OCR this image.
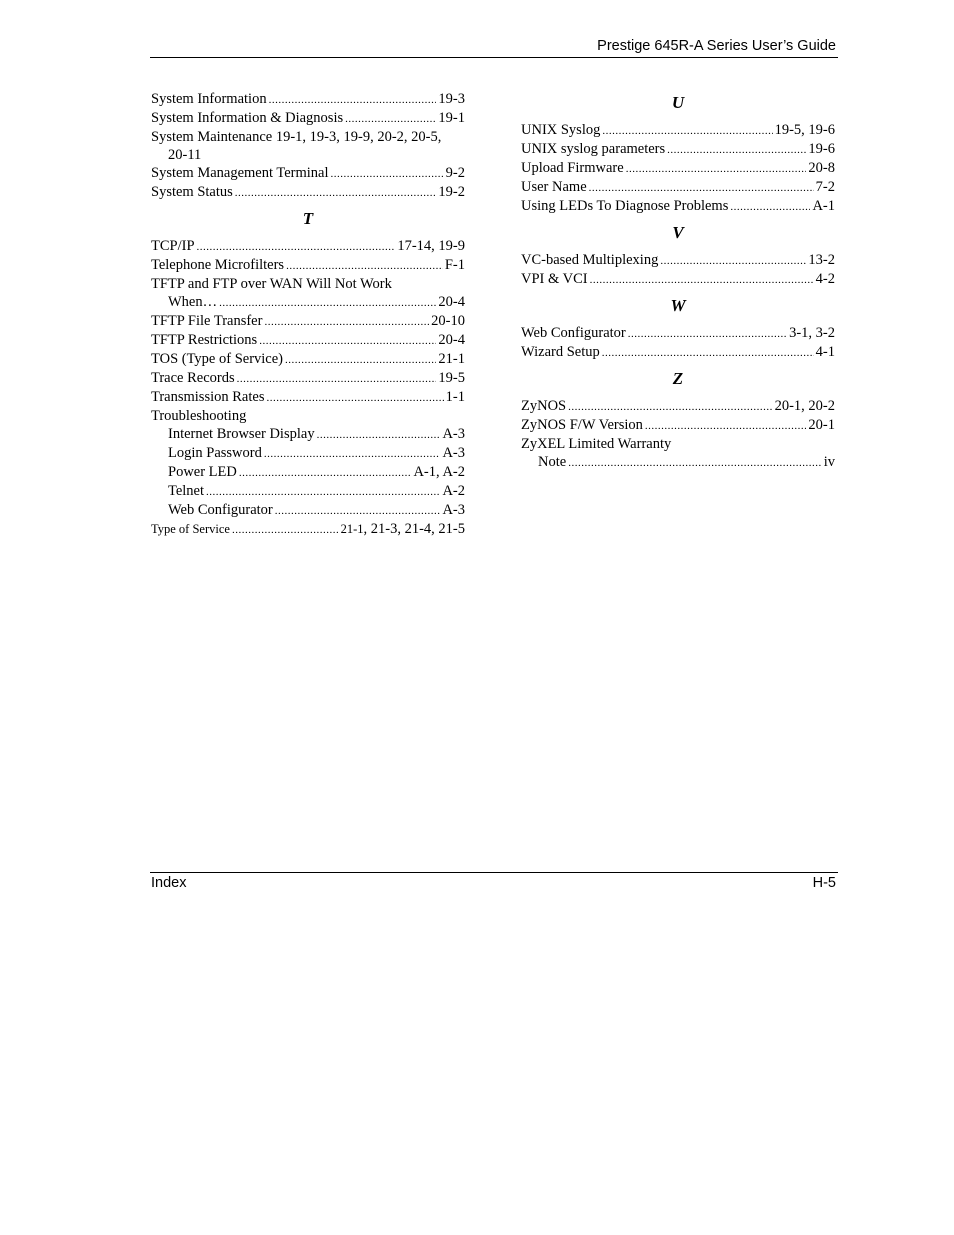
Prestige 645R-A Series User’s Guide
System Information .....	19-3
System Information & Diagnosis .....	19-1
System Maintenance 19-1, 19-3, 19-9, 20-2, 20-5,
20-11
System Management Terminal .....	9-2
System Status .....	19-2
T
TCP/IP .....	17-14, 19-9
Telephone Microfilters .....	F-1
TFTP and FTP over WAN Will Not Work
When… .....	20-4
TFTP File Transfer .....	20-10
TFTP Restrictions .....	20-4
TOS (Type of Service) .....	21-1
Trace Records .....	19-5
Transmission Rates .....	1-1
Troubleshooting
Internet Browser Display .....	A-3
Login Password .....	A-3
Power LED .....	A-1, A-2
Telnet .....	A-2
Web Configurator .....	A-3
Type of Service .....	21-1, 21-3, 21-4, 21-5
U
UNIX Syslog .....	19-5, 19-6
UNIX syslog parameters .....	19-6
Upload Firmware .....	20-8
User Name .....	7-2
Using LEDs To Diagnose Problems .....	A-1
V
VC-based Multiplexing .....	13-2
VPI & VCI .....	4-2
W
Web Configurator .....	3-1, 3-2
Wizard Setup .....	4-1
Z
ZyNOS .....	20-1, 20-2
ZyNOS F/W Version .....	20-1
ZyXEL Limited Warranty
Note .....	iv
Index	H-5
